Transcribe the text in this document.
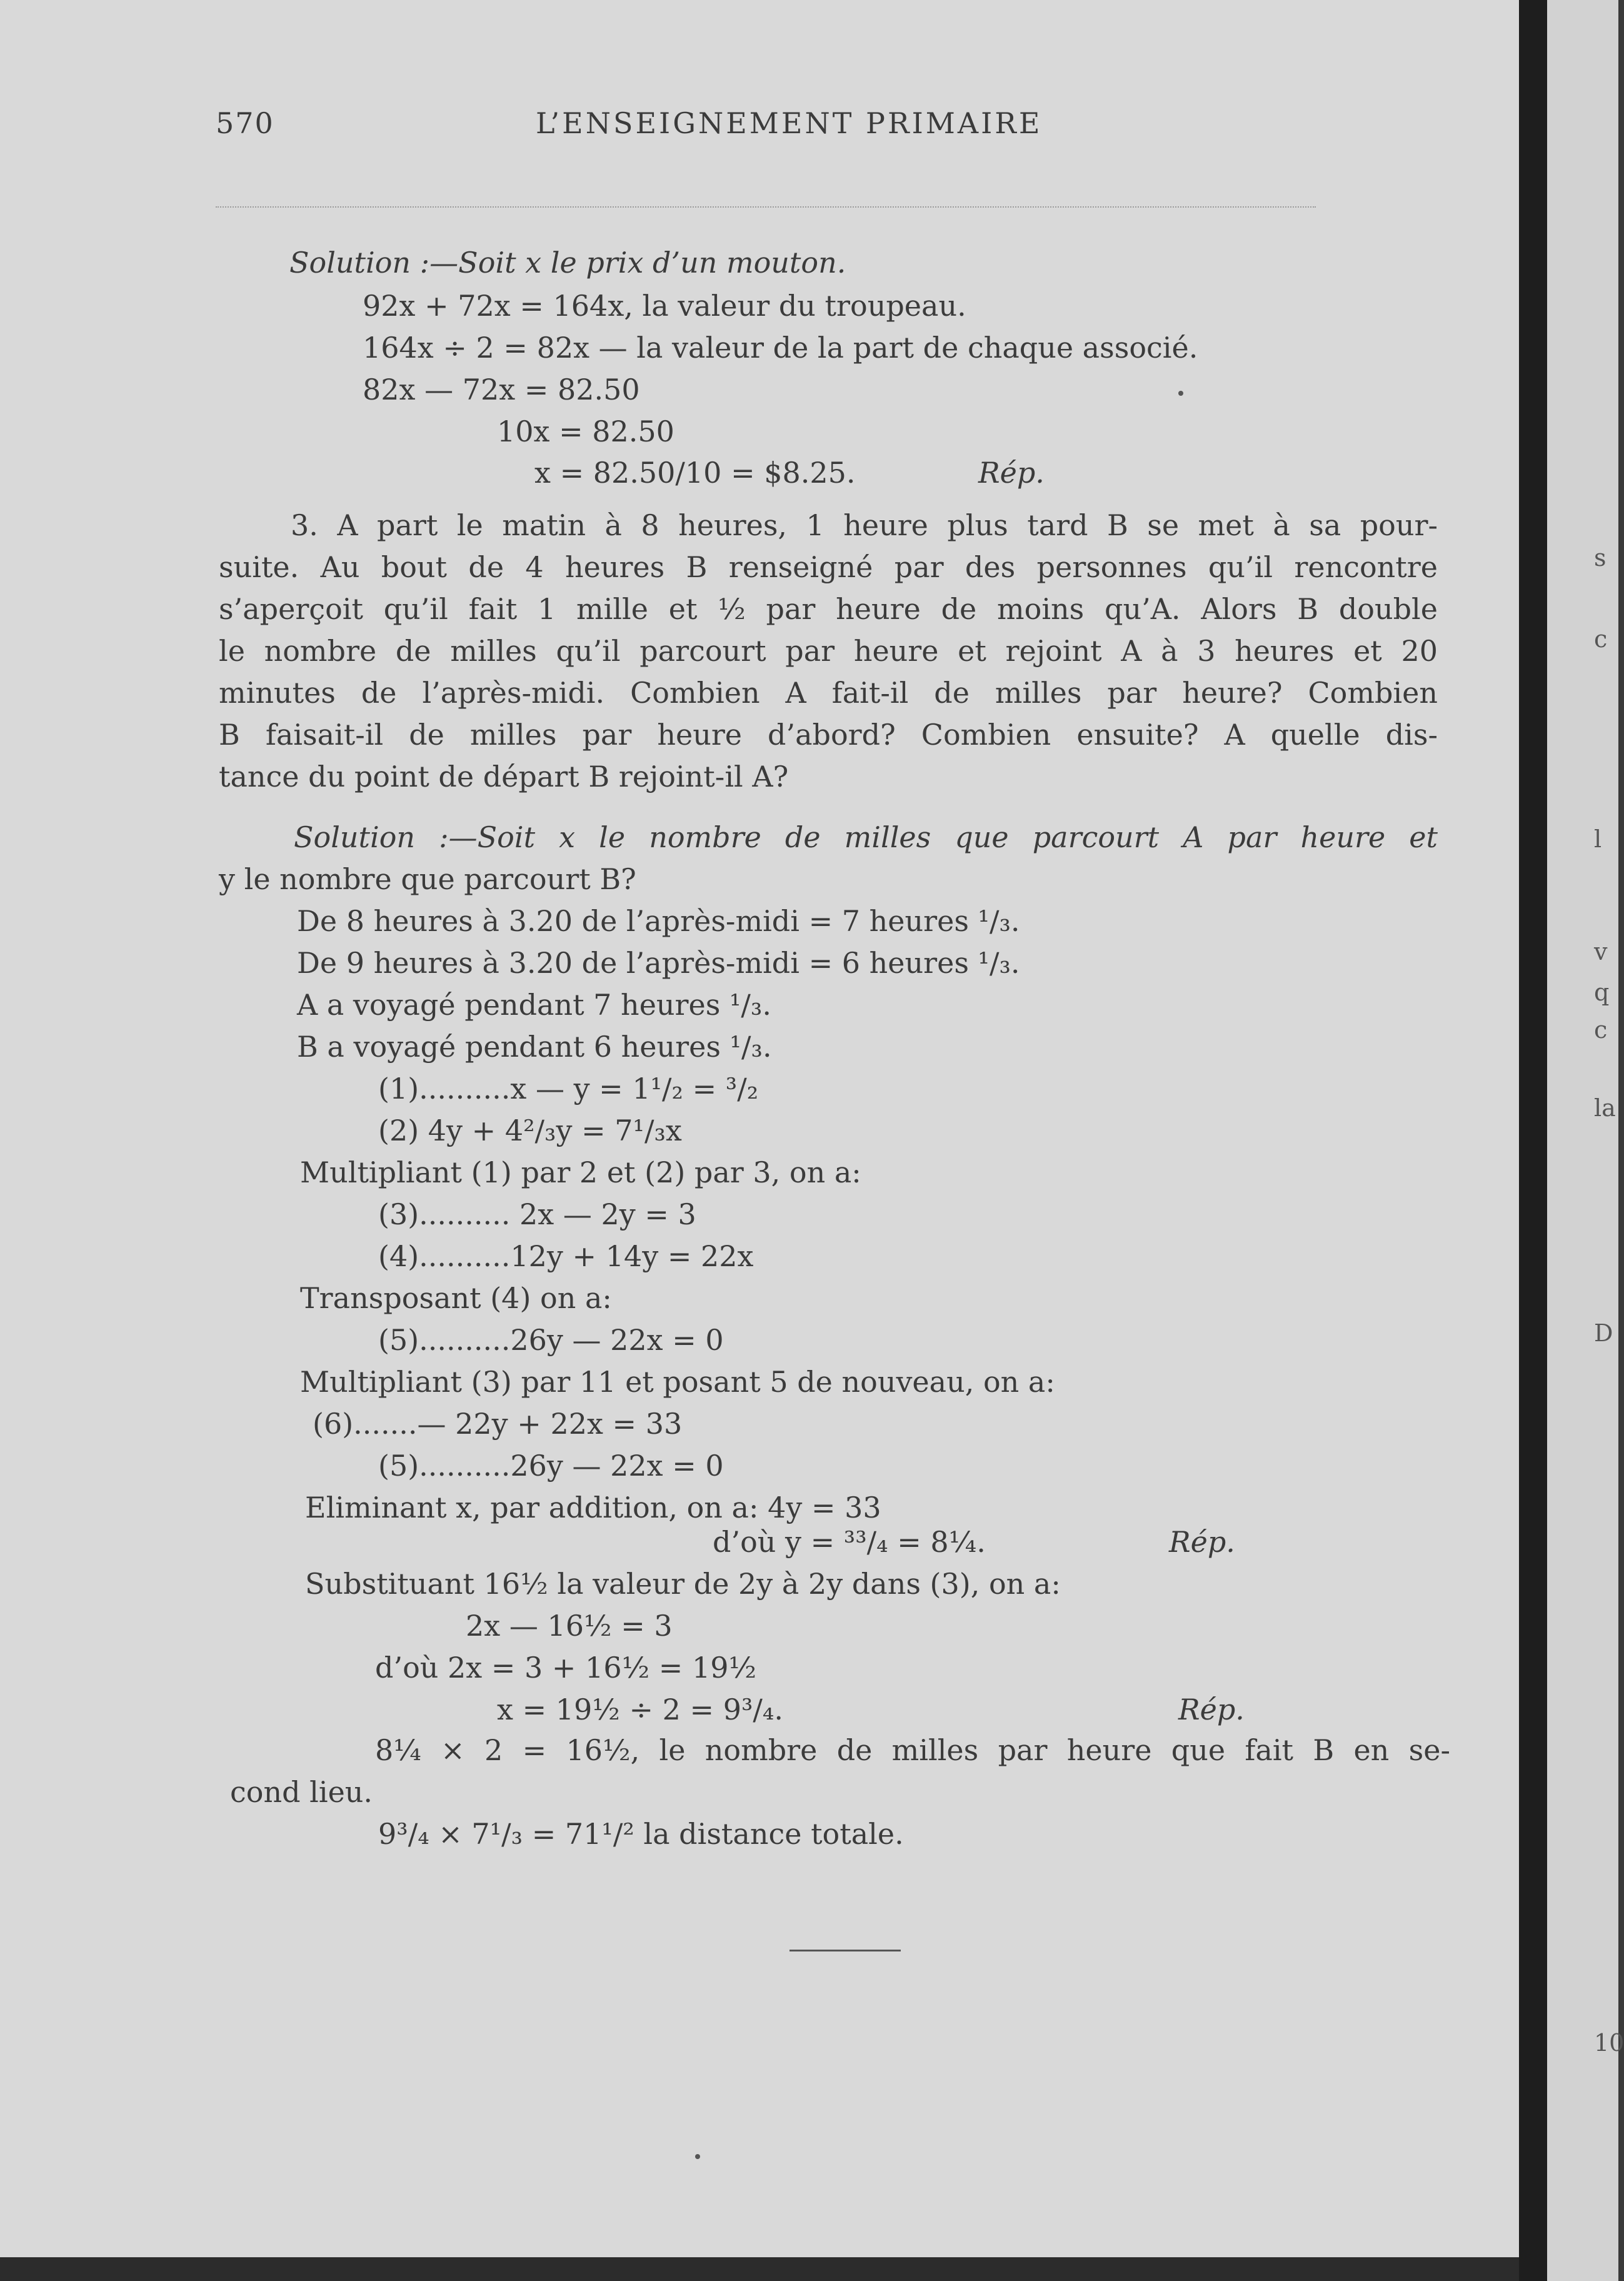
570	L’ENSEIGNEMENT PRIMAIRE
Solution :—Soit x le prix d’un mouton.
92x + 72x = 164x, la valeur du troupeau.
164x ÷ 2 = 82x — la valeur de la part de chaque associé.
82x — 72x = 82.50
10x = 82.50
x = 82.50/10 = $8.25.	Rép.
3. A part le matin à 8 heures, 1 heure plus tard B se met à sa pour-
suite. Au bout de 4 heures B renseigné par des personnes qu’il rencontre
s’aperçoit qu’il fait 1 mille et ½ par heure de moins qu’A. Alors B double
le nombre de milles qu’il parcourt par heure et rejoint A à 3 heures et 20
minutes de l’après-midi. Combien A fait-il de milles par heure? Combien
B faisait-il de milles par heure d’abord? Combien ensuite? A quelle dis-
tance du point de départ B rejoint-il A?
Solution :—Soit x le nombre de milles que parcourt A par heure et
y le nombre que parcourt B?
De 8 heures à 3.20 de l’après-midi = 7 heures ¹/₃.
De 9 heures à 3.20 de l’après-midi = 6 heures ¹/₃.
A a voyagé pendant 7 heures ¹/₃.
B a voyagé pendant 6 heures ¹/₃.
(1)..........x — y = 1¹/₂ = ³/₂
(2) 4y + 4²/₃y = 7¹/₃x
Multipliant (1) par 2 et (2) par 3, on a:
(3).......... 2x — 2y = 3
(4)..........12y + 14y = 22x
Transposant (4) on a:
(5)..........26y — 22x = 0
Multipliant (3) par 11 et posant 5 de nouveau, on a:
(6).......— 22y + 22x = 33
(5)..........26y — 22x = 0
Eliminant x, par addition, on a: 4y = 33
d’où y = ³³/₄ = 8¼.	Rép.
Substituant 16½ la valeur de 2y à 2y dans (3), on a:
2x — 16½ = 3
d’où 2x = 3 + 16½ = 19½
x = 19½ ÷ 2 = 9³/₄.	Rép.
8¼ × 2 = 16½, le nombre de milles par heure que fait B en se-
cond lieu.
9³/₄ × 7¹/₃ = 71¹/² la distance totale.
s
c
l
v
q
c
la
D
10
